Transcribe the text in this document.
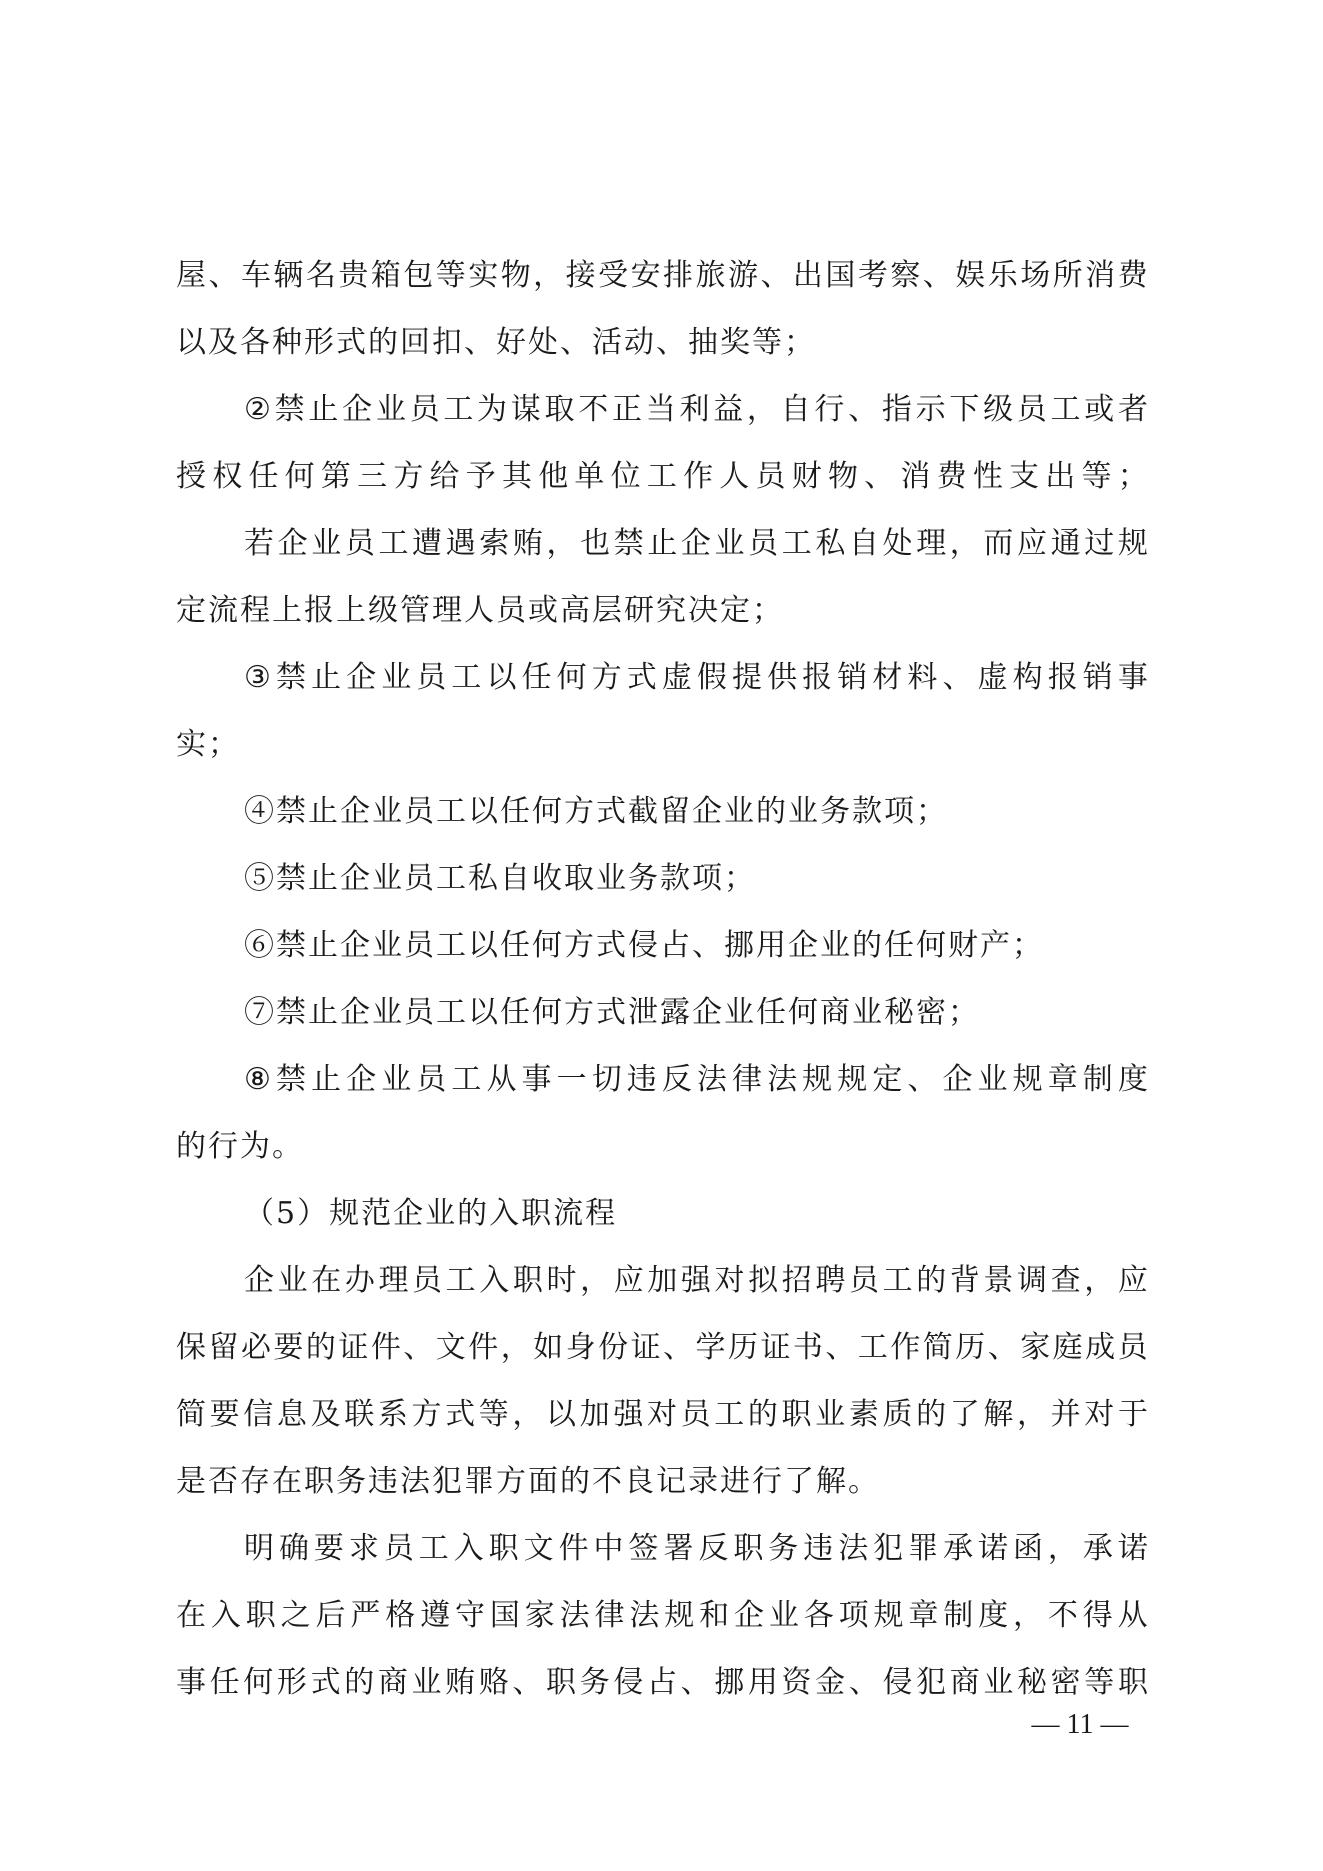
屋 、 车 辆 名 贵 箱 包 等 实 物 ， 接 受 安 排 旅 游 、 出 国 考 察 、 娱 乐 场 所 消 费
以及各种形式的回扣、好处、活动、抽奖等；
② 禁 止 企 业 员 工 为 谋 取 不 正 当 利 益 ， 自 行 、 指 示 下 级 员 工 或 者
授 权 任 何 第 三 方 给 予 其 他 单 位 工 作 人 员 财 物 、 消 费 性 支 出 等 ；
若 企 业 员 工 遭 遇 索 贿 ， 也 禁 止 企 业 员 工 私 自 处 理 ， 而 应 通 过 规
定流程上报上级管理人员或高层研究决定；
③ 禁 止 企 业 员 工 以 任 何 方 式 虚 假 提 供 报 销 材 料 、 虚 构 报 销 事
实；
④禁止企业员工以任何方式截留企业的业务款项；
⑤禁止企业员工私自收取业务款项；
⑥禁止企业员工以任何方式侵占、挪用企业的任何财产；
⑦禁止企业员工以任何方式泄露企业任何商业秘密；
⑧ 禁 止 企 业 员 工 从 事 一 切 违 反 法 律 法 规 规 定 、 企 业 规 章 制 度
的行为。
（5）规范企业的入职流程
企 业 在 办 理 员 工 入 职 时 ， 应 加 强 对 拟 招 聘 员 工 的 背 景 调 查 ， 应
保 留 必 要 的 证 件 、 文 件 ， 如 身 份 证 、 学 历 证 书 、 工 作 简 历 、 家 庭 成 员
简 要 信 息 及 联 系 方 式 等 ， 以 加 强 对 员 工 的 职 业 素 质 的 了 解 ， 并 对 于
是否存在职务违法犯罪方面的不良记录进行了解。
明 确 要 求 员 工 入 职 文 件 中 签 署 反 职 务 违 法 犯 罪 承 诺 函 ， 承 诺
在 入 职 之 后 严 格 遵 守 国 家 法 律 法 规 和 企 业 各 项 规 章 制 度 ， 不 得 从
事 任 何 形 式 的 商 业 贿 赂 、 职 务 侵 占 、 挪 用 资 金 、 侵 犯 商 业 秘 密 等 职
— 11 —
